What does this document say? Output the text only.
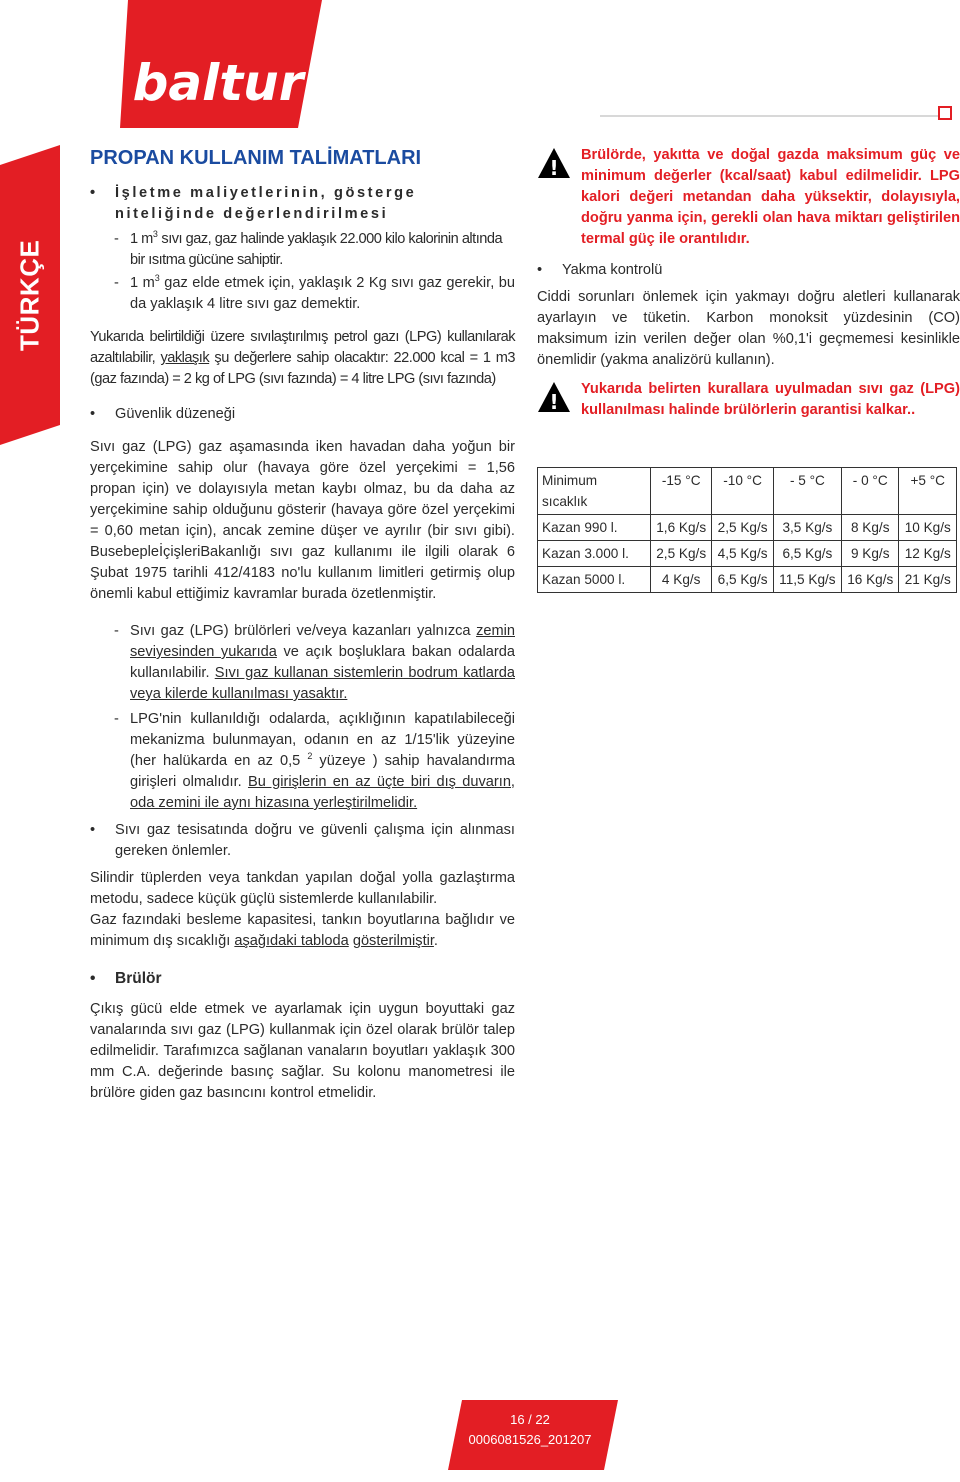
baltur
TÜRKÇE
PROPAN KULLANIM TALİMATLARI

• İşletme maliyetlerinin, gösterge niteliğinde değerlendirilmesi

- 1 $m^3$ sıvı gaz, gaz halinde yaklaşık 22.000 kilo kalorinin altında bir ısıtma gücüne sahiptir.

- 1 $m^3$ gaz elde etmek için, yaklaşık 2 Kg sıvı gaz gerekir, bu da yaklaşık 4 litre sıvı gaz demektir.

Yukarıda belirtildiği üzere sıvılaştırılmış petrol gazı (LPG) kullanılarak azaltılabilir, yaklaşık şu değerlere sahip olacaktır: 22.000 kcal = 1 m3 (gaz fazında) = 2 kg of LPG (sıvı fazında) = 4 litre LPG (sıvı fazında)

• Güvenlik düzeneği

Sıvı gaz (LPG) gaz aşamasında iken havadan daha yoğun bir yerçekimine sahip olur (havaya göre özel yerçekimi = 1,56 propan için) ve dolayısıyla metan kaybı olmaz, bu da daha az yerçekimine sahip olduğunu gösterir (havaya göre özel yerçekimi = 0,60 metan için), ancak zemine düşer ve ayrılır (bir sıvı gibi). BusebepleİçişleriBakanlığı sıvı gaz kullanımı ile ilgili olarak 6 Şubat 1975 tarihli 412/4183 no'lu kullanım limitleri getirmiş olup önemli kabul ettiğimiz kavramlar burada özetlenmiştir.

- Sıvı gaz (LPG) brülörleri ve/veya kazanları yalnızca zemin seviyesinden yukarıda ve açık boşluklara bakan odalarda kullanılabilir. Sıvı gaz kullanan sistemlerin bodrum katlarda veya kilerde kullanılması yasaktır.

- LPG'nin kullanıldığı odalarda, açıklığının kapatılabileceği mekanizma bulunmayan, odanın en az 1/15'lik yüzeyine (her halükarda en az 0,5 $^2$ yüzeye ) sahip havalandırma girişleri olmalıdır. Bu girişlerin en az üçte biri dış duvarın, oda zemini ile aynı hizasına yerleştirilmelidir.

• Sıvı gaz tesisatında doğru ve güvenli çalışma için alınması gereken önlemler.

Silindir tüplerden veya tankdan yapılan doğal yolla gazlaştırma metodu, sadece küçük güçlü sistemlerde kullanılabilir.

Gaz fazındaki besleme kapasitesi, tankın boyutlarına bağlıdır ve minimum dış sıcaklığı aşağıdaki tabloda gösterilmiştir.

• Brülör

Çıkış gücü elde etmek ve ayarlamak için uygun boyuttaki gaz vanalarında sıvı gaz (LPG) kullanmak için özel olarak brülör talep edilmelidir. Tarafımızca sağlanan vanaların boyutları yaklaşık 300 mm C.A. değerinde basınç sağlar. Su kolonu manometresi ile brülöre giden gaz basıncını kontrol etmelidir.

!

Brülörde, yakıtta ve doğal gazda maksimum güç ve minimum değerler (kcal/saat) kabul edilmelidir. LPG kalori değeri metandan daha yüksektir, dolayısıyla, doğru yanma için, gerekli olan hava miktarı geliştirilen termal güç ile orantılıdır.

• Yakma kontrolü

Ciddi sorunları önlemek için yakmayı doğru aletleri kullanarak ayarlayın ve tüketin. Karbon monoksit yüzdesinin (CO) maksimum izin verilen değer olan %0,1'i geçmemesi kesinlikle önemlidir (yakma analizörü kullanın).

!

Yukarıda belirten kurallara uyulmadan sıvı gaz (LPG) kullanılması halinde brülörlerin garantisi kalkar..

Minimum sıcaklık	-15 °C	-10 °C	- 5 °C	- 0 °C	+5 °C
Kazan 990 l.	1,6 Kg/s	2,5 Kg/s	3,5 Kg/s	8 Kg/s	10 Kg/s
Kazan 3.000 l.	2,5 Kg/s	4,5 Kg/s	6,5 Kg/s	9 Kg/s	12 Kg/s
Kazan 5000 l.	4 Kg/s	6,5 Kg/s	11,5 Kg/s	16 Kg/s	21 Kg/s
16 / 22
0006081526_201207
